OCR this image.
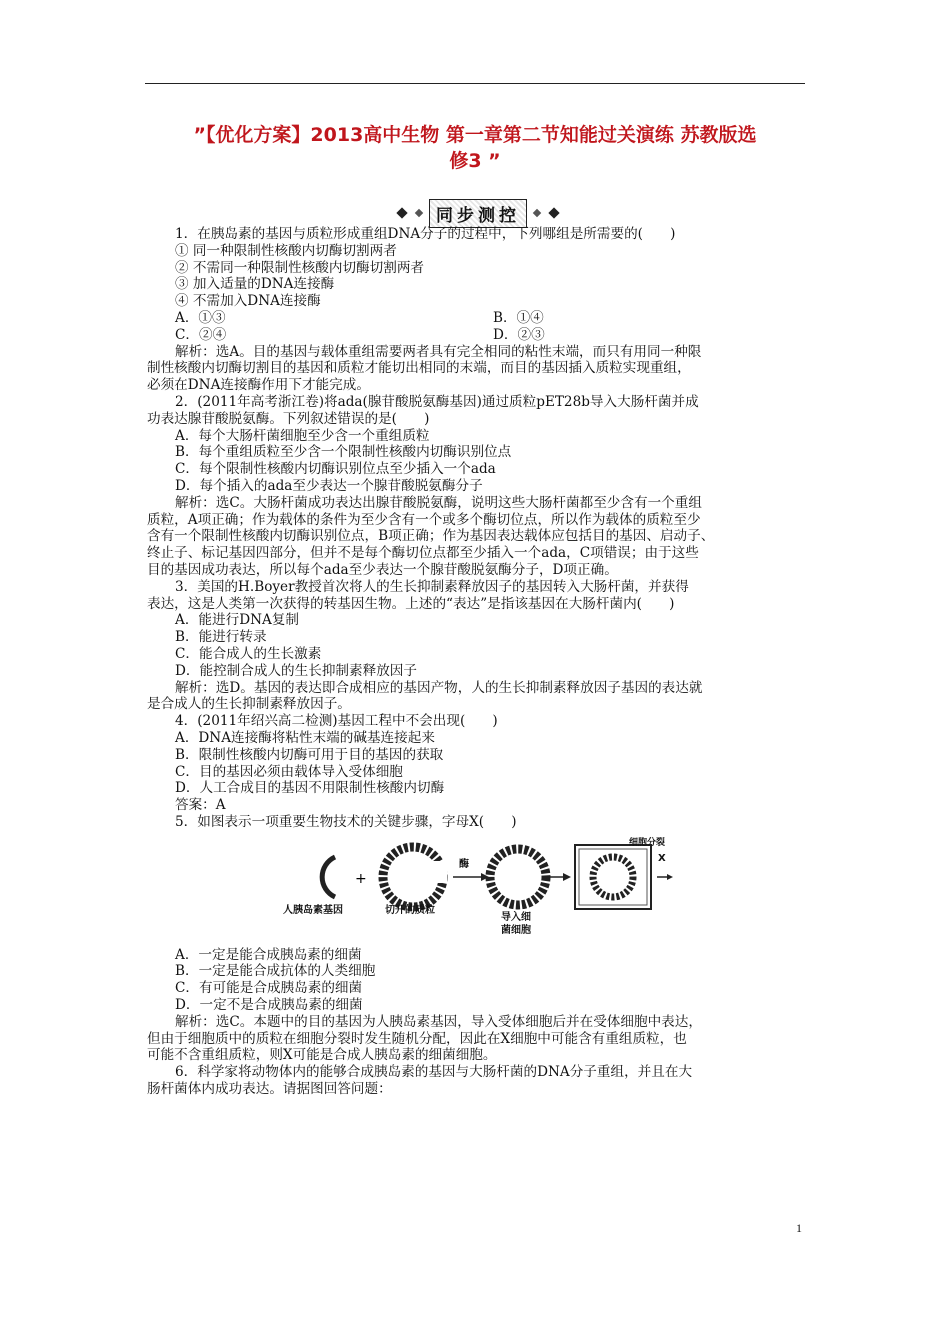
”【优化方案】2013高中生物 第一章第二节知能过关演练 苏教版选
修3 ”
同步测控

1．在胰岛素的基因与质粒形成重组DNA分子的过程中，下列哪组是所需要的(　　)

① 同一种限制性核酸内切酶切割两者

② 不需同一种限制性核酸内切酶切割两者

③ 加入适量的DNA连接酶

④ 不需加入DNA连接酶

A．①③	B．①④

C．②④	D．②③

解析：选A。目的基因与载体重组需要两者具有完全相同的粘性末端，而只有用同一种限

制性核酸内切酶切割目的基因和质粒才能切出相同的末端，而目的基因插入质粒实现重组，

必须在DNA连接酶作用下才能完成。

2．(2011年高考浙江卷)将ada(腺苷酸脱氨酶基因)通过质粒pET28b导入大肠杆菌并成

功表达腺苷酸脱氨酶。下列叙述错误的是(　　)

A．每个大肠杆菌细胞至少含一个重组质粒

B．每个重组质粒至少含一个限制性核酸内切酶识别位点

C．每个限制性核酸内切酶识别位点至少插入一个ada

D．每个插入的ada至少表达一个腺苷酸脱氨酶分子

解析：选C。大肠杆菌成功表达出腺苷酸脱氨酶，说明这些大肠杆菌都至少含有一个重组

质粒，A项正确；作为载体的条件为至少含有一个或多个酶切位点，所以作为载体的质粒至少

含有一个限制性核酸内切酶识别位点，B项正确；作为基因表达载体应包括目的基因、启动子、

终止子、标记基因四部分，但并不是每个酶切位点都至少插入一个ada，C项错误；由于这些

目的基因成功表达，所以每个ada至少表达一个腺苷酸脱氨酶分子，D项正确。

3．美国的H.Boyer教授首次将人的生长抑制素释放因子的基因转入大肠杆菌，并获得

表达，这是人类第一次获得的转基因生物。上述的“表达”是指该基因在大肠杆菌内(　　)

A．能进行DNA复制

B．能进行转录

C．能合成人的生长激素

D．能控制合成人的生长抑制素释放因子

解析：选D。基因的表达即合成相应的基因产物，人的生长抑制素释放因子基因的表达就

是合成人的生长抑制素释放因子。

4．(2011年绍兴高二检测)基因工程中不会出现(　　)

A．DNA连接酶将粘性末端的碱基连接起来

B．限制性核酸内切酶可用于目的基因的获取

C．目的基因必须由载体导入受体细胞

D．人工合成目的基因不用限制性核酸内切酶

答案：A

5．如图表示一项重要生物技术的关键步骤，字母X(　　)

+
人胰岛素基因	切开的质粒
酶
导入细
菌细胞
细胞分裂
X

A．一定是能合成胰岛素的细菌

B．一定是能合成抗体的人类细胞

C．有可能是合成胰岛素的细菌

D．一定不是合成胰岛素的细菌

解析：选C。本题中的目的基因为人胰岛素基因，导入受体细胞后并在受体细胞中表达，

但由于细胞质中的质粒在细胞分裂时发生随机分配，因此在X细胞中可能含有重组质粒，也

可能不含重组质粒，则X可能是合成人胰岛素的细菌细胞。

6．科学家将动物体内的能够合成胰岛素的基因与大肠杆菌的DNA分子重组，并且在大

肠杆菌体内成功表达。请据图回答问题：

1
